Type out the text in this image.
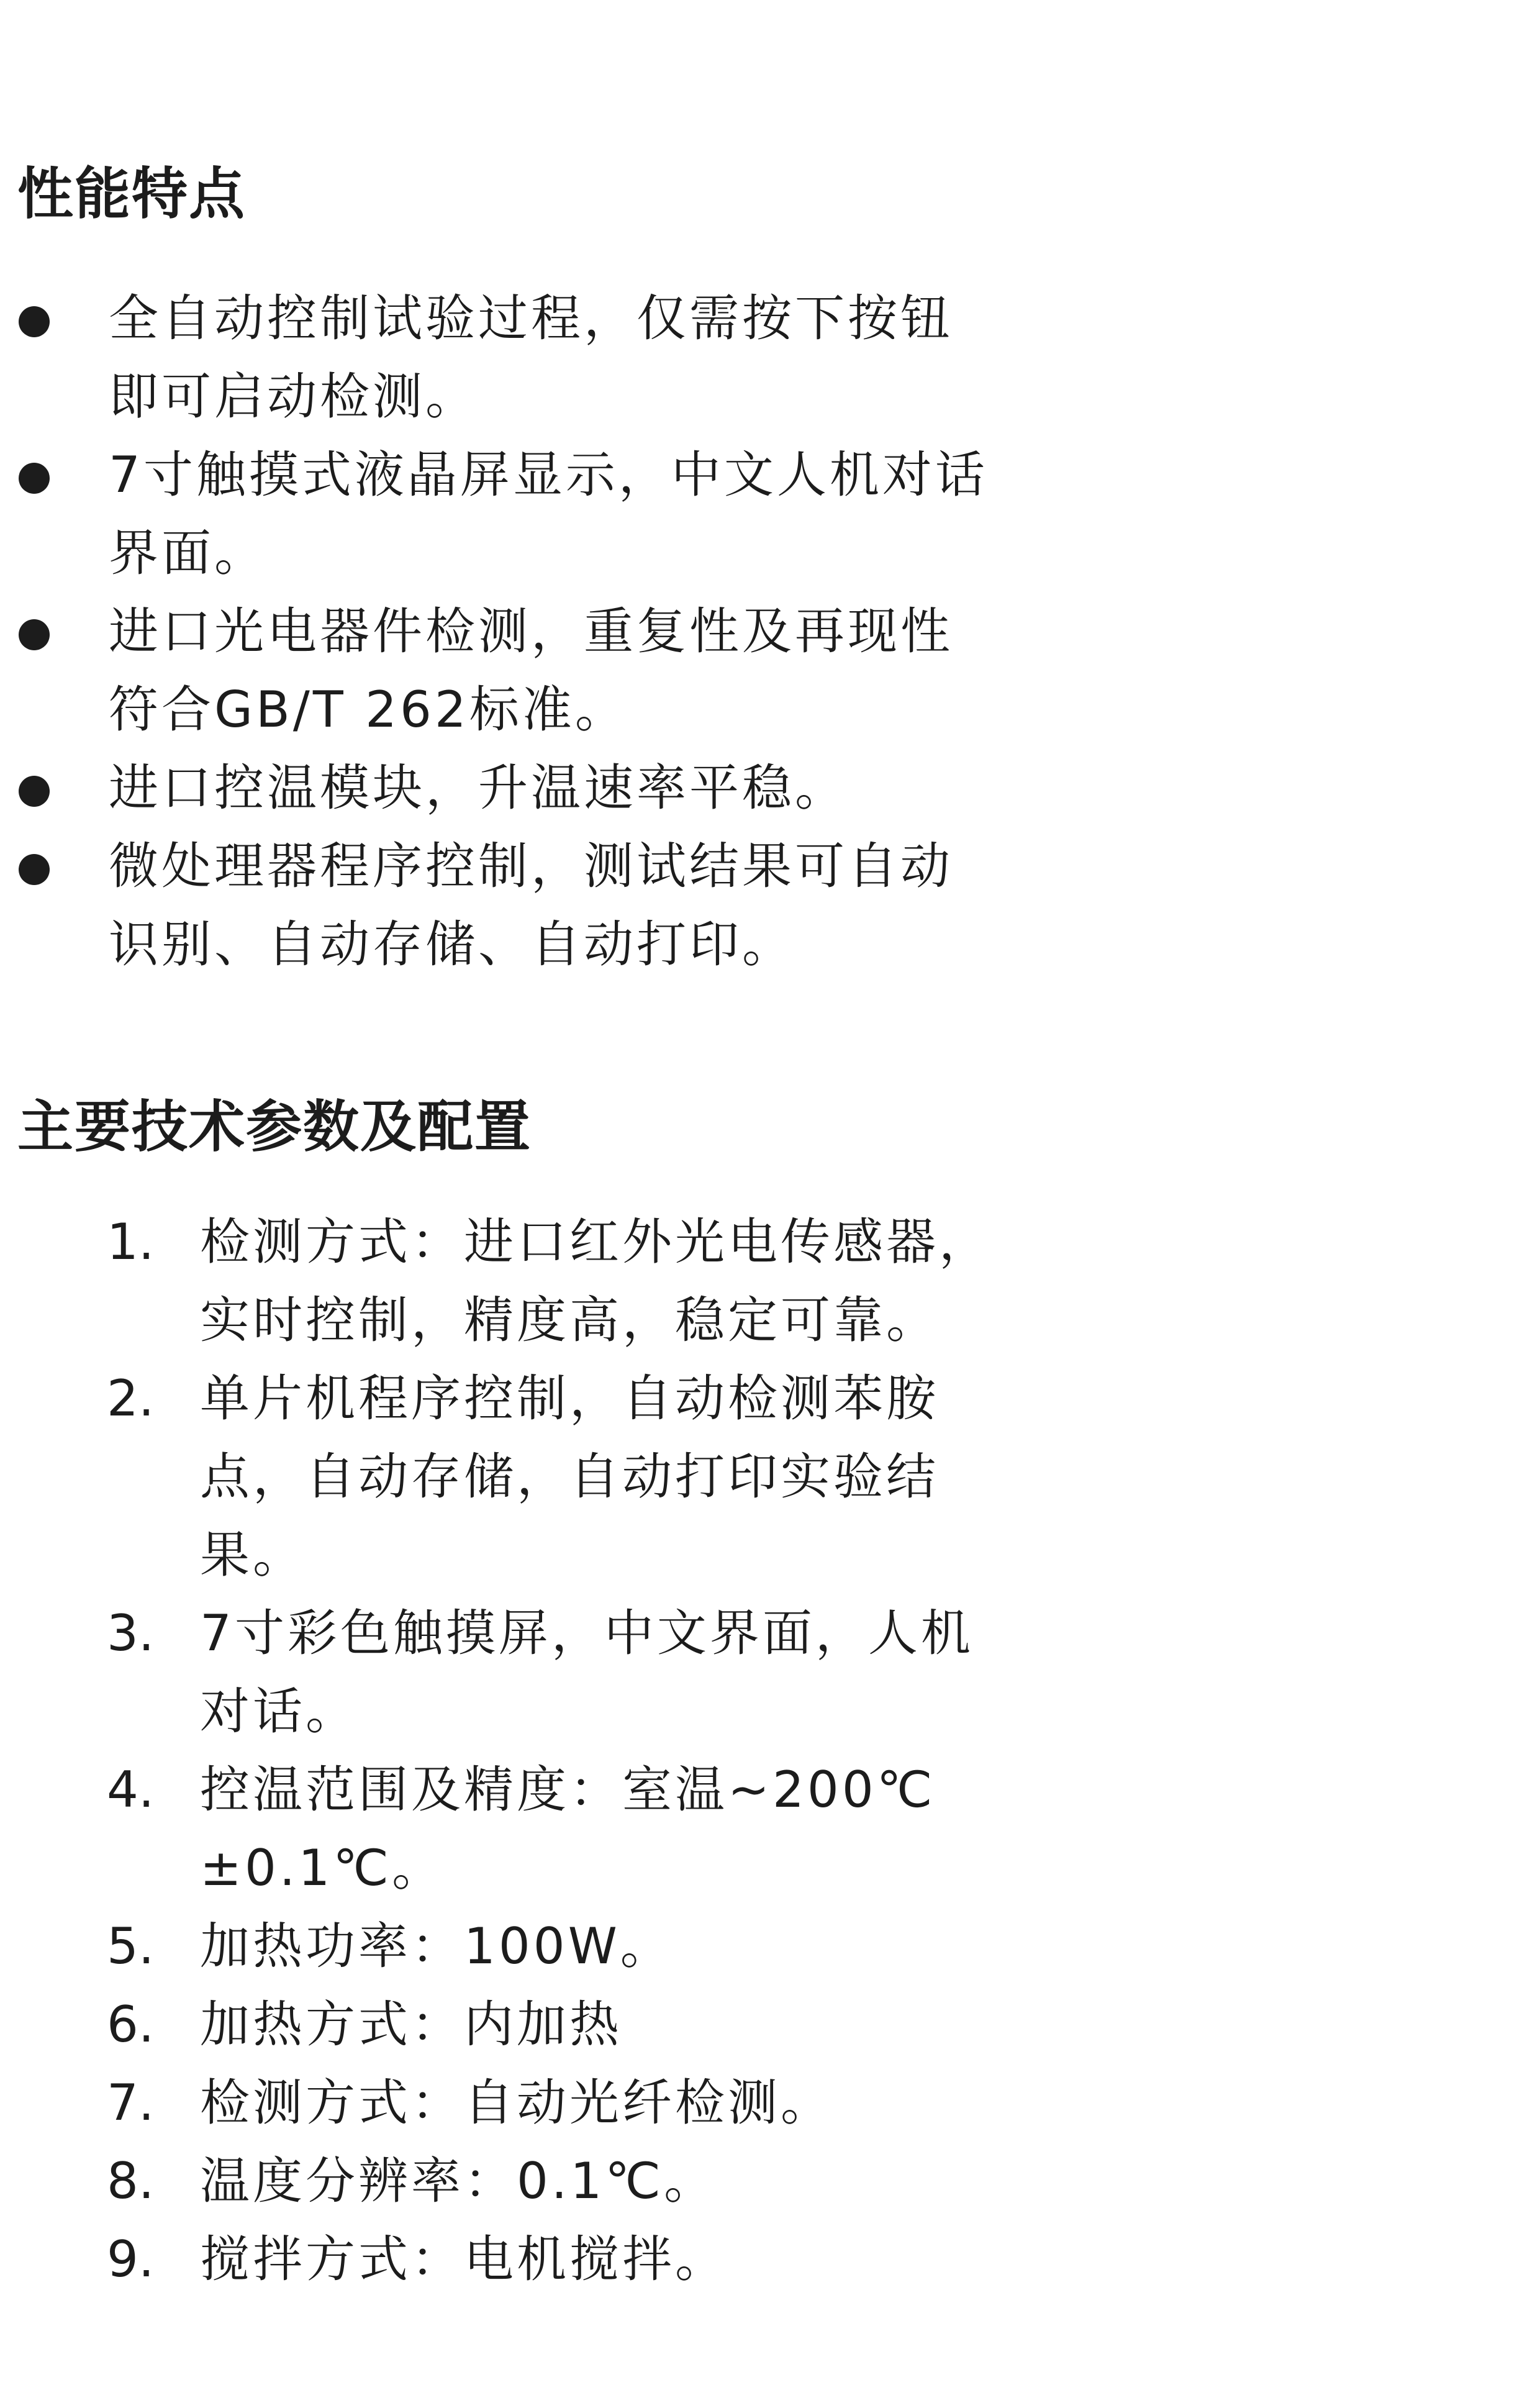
性能特点
全自动控制试验过程，仅需按下按钮即可启动检测。
7寸触摸式液晶屏显示，中文人机对话界面。
进口光电器件检测，重复性及再现性符合GB/T 262标准。
进口控温模块，升温速率平稳。
微处理器程序控制，测试结果可自动识别、自动存储、自动打印。
主要技术参数及配置
1. 检测方式：进口红外光电传感器，实时控制，精度高，稳定可靠。
2. 单片机程序控制，自动检测苯胺点，自动存储，自动打印实验结果。
3. 7寸彩色触摸屏，中文界面，人机对话。
4. 控温范围及精度：室温~200℃±0.1℃。
5. 加热功率：100W。
6. 加热方式：内加热
7. 检测方式：自动光纤检测。
8. 温度分辨率：0.1℃。
9. 搅拌方式：电机搅拌。
